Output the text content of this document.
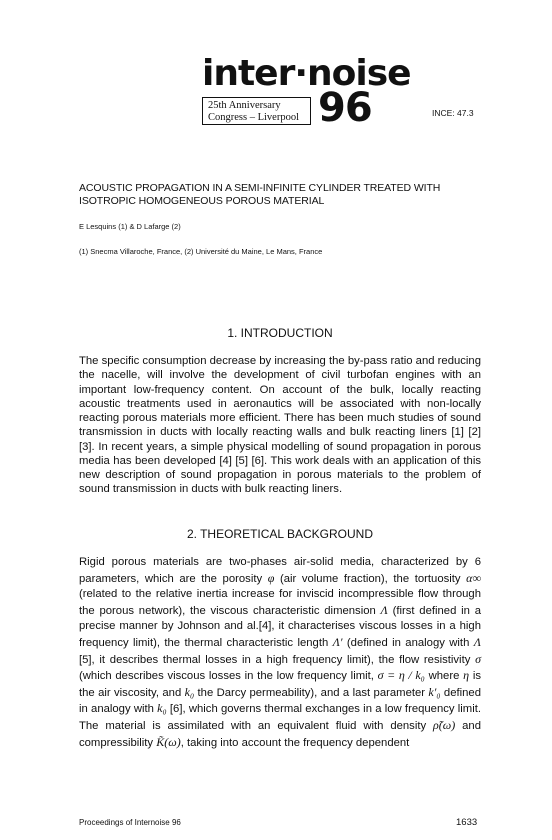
inter·noise
25th Anniversary
Congress – Liverpool 96	INCE: 47.3
ACOUSTIC PROPAGATION IN A SEMI-INFINITE CYLINDER TREATED WITH ISOTROPIC HOMOGENEOUS POROUS MATERIAL
E Lesquins (1) & D Lafarge (2)
(1) Snecma Villaroche, France, (2) Université du Maine, Le Mans, France
1. INTRODUCTION
The specific consumption decrease by increasing the by-pass ratio and reducing the nacelle, will involve the development of civil turbofan engines with an important low-frequency content. On account of the bulk, locally reacting acoustic treatments used in aeronautics will be associated with non-locally reacting porous materials more efficient. There has been much studies of sound transmission in ducts with locally reacting walls and bulk reacting liners [1] [2] [3]. In recent years, a simple physical modelling of sound propagation in porous media has been developed [4] [5] [6]. This work deals with an application of this new description of sound propagation in porous materials to the problem of sound transmission in ducts with bulk reacting liners.
2. THEORETICAL BACKGROUND
Rigid porous materials are two-phases air-solid media, characterized by 6 parameters, which are the porosity φ (air volume fraction), the tortuosity α∞ (related to the relative inertia increase for inviscid incompressible flow through the porous network), the viscous characteristic dimension Λ (first defined in a precise manner by Johnson and al.[4], it characterises viscous losses in a high frequency limit), the thermal characteristic length Λ′ (defined in analogy with Λ [5], it describes thermal losses in a high frequency limit), the flow resistivity σ (which describes viscous losses in the low frequency limit, σ = η / k₀ where η is the air viscosity, and k₀ the Darcy permeability), and a last parameter k′₀ defined in analogy with k₀ [6], which governs thermal exchanges in a low frequency limit. The material is assimilated with an equivalent fluid with density ρ̃(ω) and compressibility K̃(ω), taking into account the frequency dependent
Proceedings of Internoise 96	1633
